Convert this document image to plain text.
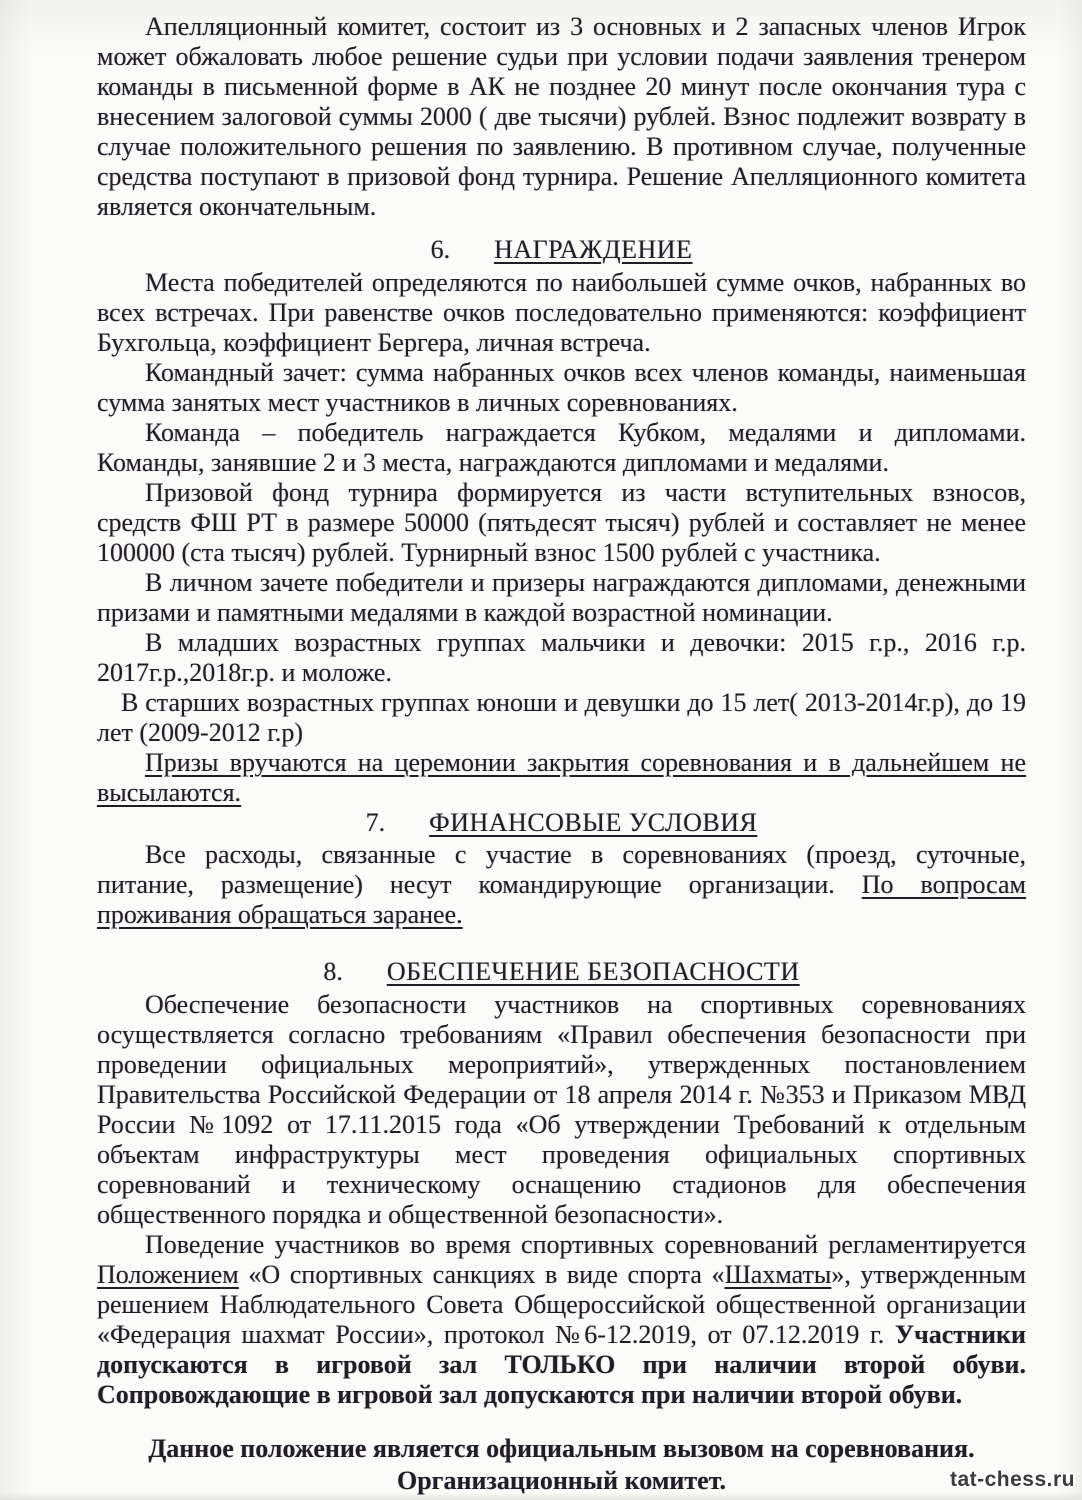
Апелляционный комитет, состоит из 3 основных и 2 запасных членов Игрок может обжаловать любое решение судьи при условии подачи заявления тренером команды в письменной форме в АК не позднее 20 минут после окончания тура с внесением залоговой суммы 2000 ( две тысячи) рублей. Взнос подлежит возврату в случае положительного решения по заявлению. В противном случае, полученные средства поступают в призовой фонд турнира. Решение Апелляционного комитета является окончательным.

6. НАГРАЖДЕНИЕ

Места победителей определяются по наибольшей сумме очков, набранных во всех встречах. При равенстве очков последовательно применяются: коэффициент Бухгольца, коэффициент Бергера, личная встреча.

Командный зачет: сумма набранных очков всех членов команды, наименьшая сумма занятых мест участников в личных соревнованиях.

Команда – победитель награждается Кубком, медалями и дипломами. Команды, занявшие 2 и 3 места, награждаются дипломами и медалями.

Призовой фонд турнира формируется из части вступительных взносов, средств ФШ РТ в размере 50000 (пятьдесят тысяч) рублей и составляет не менее 100000 (ста тысяч) рублей. Турнирный взнос 1500 рублей с участника.

В личном зачете победители и призеры награждаются дипломами, денежными призами и памятными медалями в каждой возрастной номинации.

В младших возрастных группах мальчики и девочки: 2015 г.р., 2016 г.р. 2017г.р.,2018г.р. и моложе.

В старших возрастных группах юноши и девушки до 15 лет( 2013-2014г.р), до 19 лет (2009-2012 г.р)

Призы вручаются на церемонии закрытия соревнования и в дальнейшем не высылаются.

7. ФИНАНСОВЫЕ УСЛОВИЯ

Все расходы, связанные с участие в соревнованиях (проезд, суточные, питание, размещение) несут командирующие организации. По вопросам проживания обращаться заранее.

8. ОБЕСПЕЧЕНИЕ БЕЗОПАСНОСТИ

Обеспечение безопасности участников на спортивных соревнованиях осуществляется согласно требованиям «Правил обеспечения безопасности при проведении официальных мероприятий», утвержденных постановлением Правительства Российской Федерации от 18 апреля 2014 г. №353 и Приказом МВД России №1092 от 17.11.2015 года «Об утверждении Требований к отдельным объектам инфраструктуры мест проведения официальных спортивных соревнований и техническому оснащению стадионов для обеспечения общественного порядка и общественной безопасности».

Поведение участников во время спортивных соревнований регламентируется Положением «О спортивных санкциях в виде спорта «Шахматы», утвержденным решением Наблюдательного Совета Общероссийской общественной организации «Федерация шахмат России», протокол №6-12.2019, от 07.12.2019 г. Участники допускаются в игровой зал ТОЛЬКО при наличии второй обуви. Сопровождающие в игровой зал допускаются при наличии второй обуви.

Данное положение является официальным вызовом на соревнования.

Организационный комитет.	tat-chess.ru
